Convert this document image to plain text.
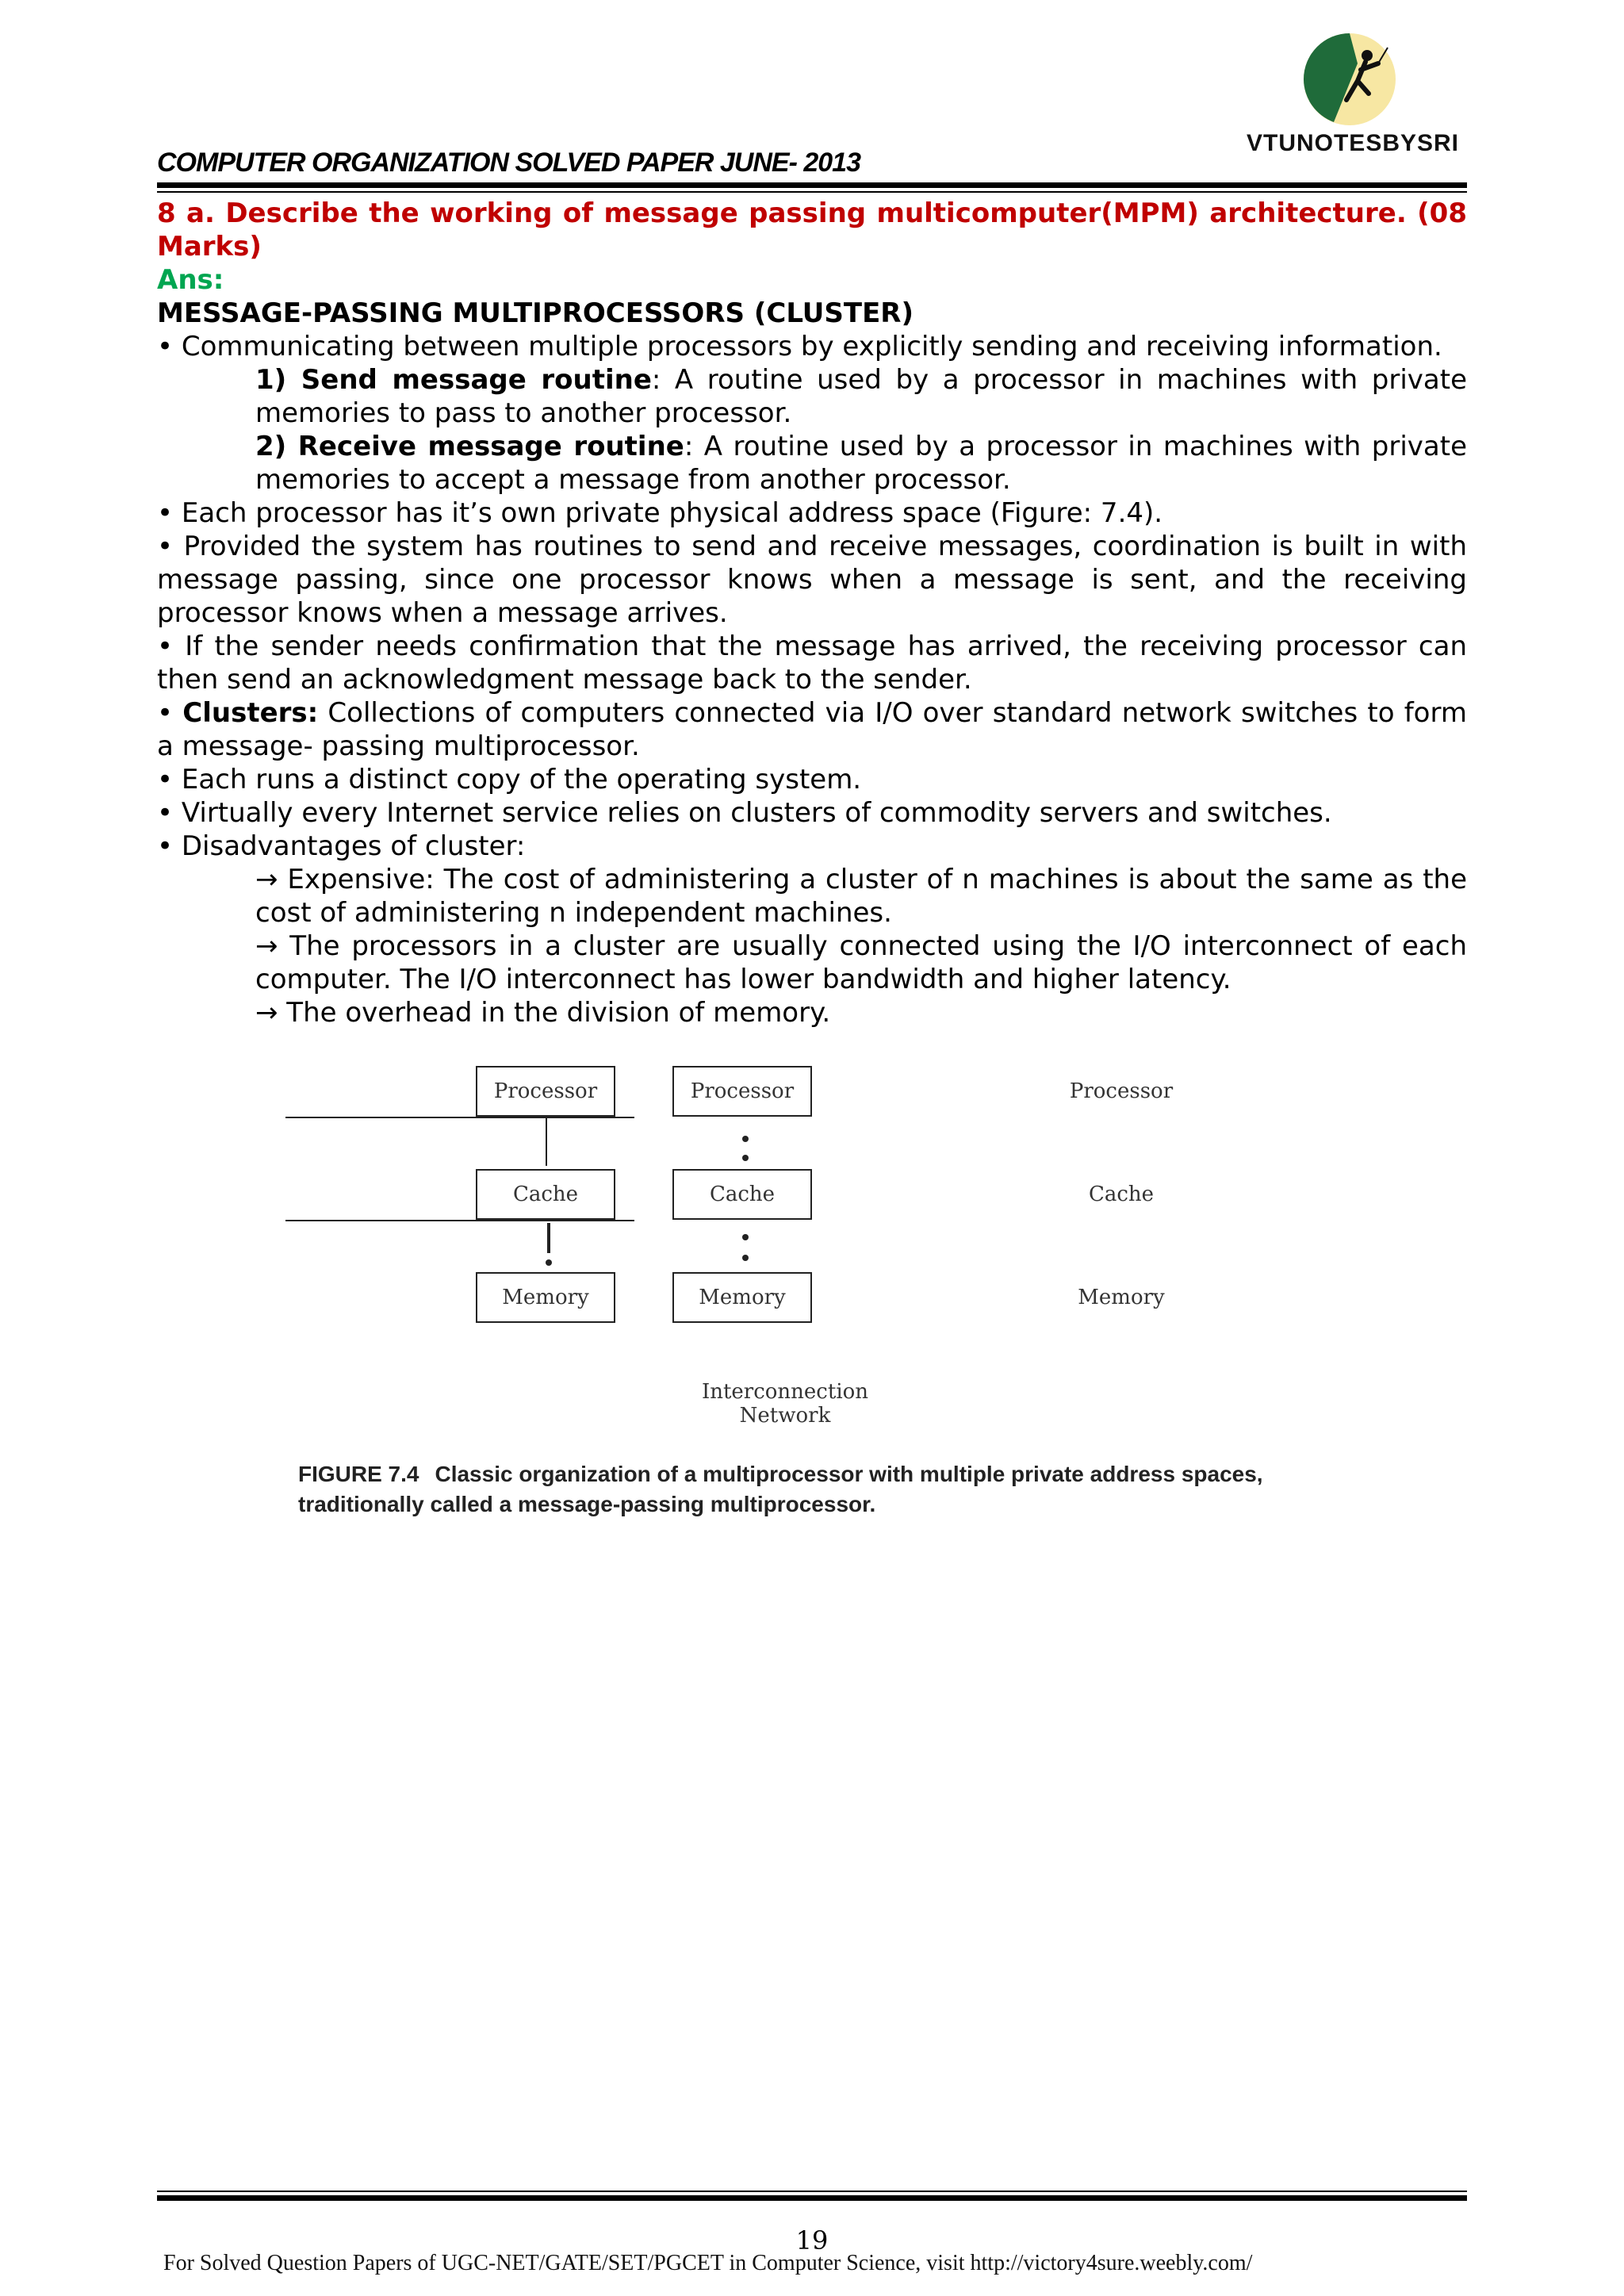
VTUNOTESBYSRI
COMPUTER ORGANIZATION SOLVED PAPER JUNE- 2013
8 a. Describe the working of message passing multicomputer(MPM) architecture. (08 Marks)
Ans:
MESSAGE-PASSING MULTIPROCESSORS (CLUSTER)
• Communicating between multiple processors by explicitly sending and receiving information.
1) Send message routine: A routine used by a processor in machines with private memories to pass to another processor.
2) Receive message routine: A routine used by a processor in machines with private memories to accept a message from another processor.
• Each processor has it’s own private physical address space (Figure: 7.4).
• Provided the system has routines to send and receive messages, coordination is built in with message passing, since one processor knows when a message is sent, and the receiving processor knows when a message arrives.
• If the sender needs confirmation that the message has arrived, the receiving processor can then send an acknowledgment message back to the sender.
• Clusters: Collections of computers connected via I/O over standard network switches to form a message- passing multiprocessor.
• Each runs a distinct copy of the operating system.
• Virtually every Internet service relies on clusters of commodity servers and switches.
• Disadvantages of cluster:
→ Expensive: The cost of administering a cluster of n machines is about the same as the cost of administering n independent machines.
→ The processors in a cluster are usually connected using the I/O interconnect of each computer. The I/O interconnect has lower bandwidth and higher latency.
→ The overhead in the division of memory.
Processor
Cache
Memory
Processor
Cache
Memory
Processor
Cache
Memory
Interconnection Network
FIGURE 7.4 Classic organization of a multiprocessor with multiple private address spaces, traditionally called a message-passing multiprocessor.
19
For Solved Question Papers of UGC-NET/GATE/SET/PGCET in Computer Science, visit http://victory4sure.weebly.com/
